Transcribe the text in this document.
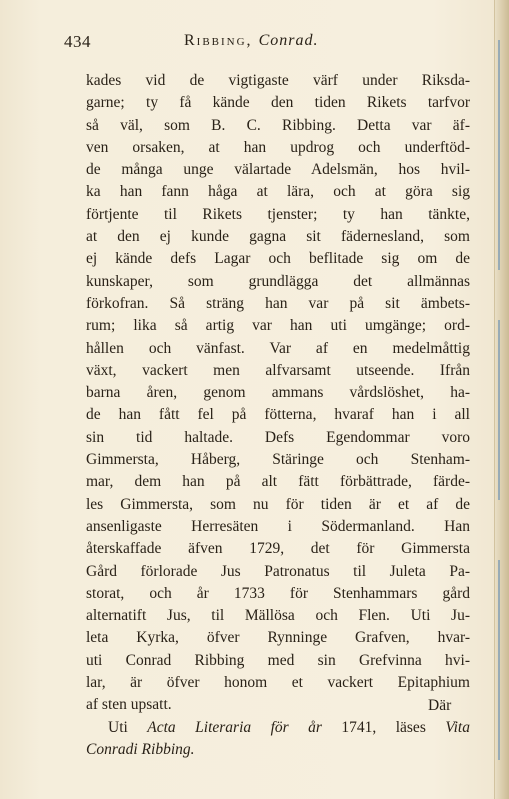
434	Ribbing, Conrad.
kades vid de vigtigaste värf under Riksda-
garne; ty få kände den tiden Rikets tarfvor
så väl, som B. C. Ribbing. Detta var äf-
ven orsaken, at han updrog och underftöd-
de många unge välartade Adelsmän, hos hvil-
ka han fann håga at lära, och at göra sig
förtjente til Rikets tjenster; ty han tänkte,
at den ej kunde gagna sit fädernesland, som
ej kände defs Lagar och beflitade sig om de
kunskaper, som grundlägga det allmännas
förkofran. Så sträng han var på sit ämbets-
rum; lika så artig var han uti umgänge; ord-
hållen och vänfast. Var af en medelmåttig
växt, vackert men alfvarsamt utseende. Ifrån
barna åren, genom ammans vårdslöshet, ha-
de han fått fel på fötterna, hvaraf han i all
sin tid haltade. Defs Egendommar voro
Gimmersta, Håberg, Stäringe och Stenham-
mar, dem han på alt fätt förbättrade, färde-
les Gimmersta, som nu för tiden är et af de
ansenligaste Herresäten i Södermanland. Han
återskaffade äfven 1729, det för Gimmersta
Gård förlorade Jus Patronatus til Juleta Pa-
storat, och år 1733 för Stenhammars gård
alternatift Jus, til Mällösa och Flen. Uti Ju-
leta Kyrka, öfver Rynninge Grafven, hvar-
uti Conrad Ribbing med sin Grefvinna hvi-
lar, är öfver honom et vackert Epitaphium
af sten upsatt.
Uti Acta Literaria för år 1741, läses Vita
Conradi Ribbing.
Där
